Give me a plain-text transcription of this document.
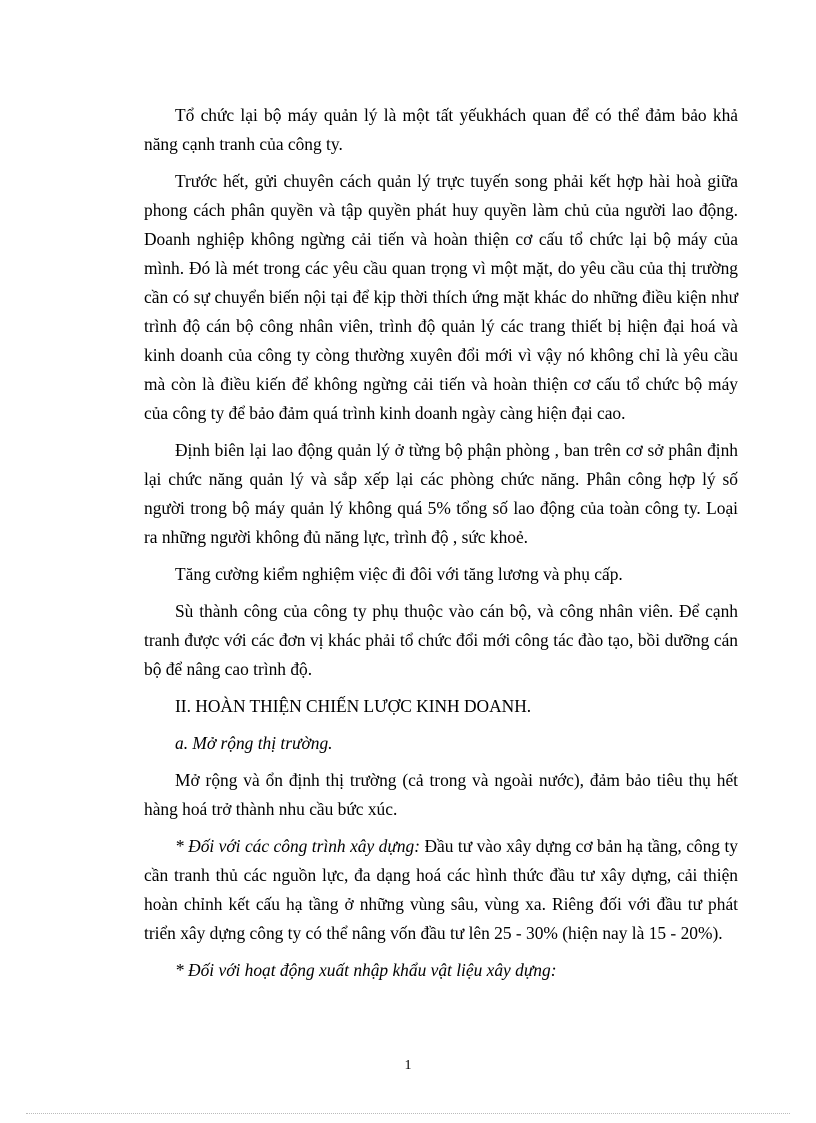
Tổ chức lại bộ máy quản lý là một tất yếukhách quan để có thể đảm bảo khả năng cạnh tranh của công ty.

Trước hết, gửi chuyên cách quản lý trực tuyến song phải kết hợp hài hoà giữa phong cách phân quyền và tập quyền phát huy quyền làm chủ của người lao động. Doanh nghiệp không ngừng cải tiến và hoàn thiện cơ cấu tổ chức lại bộ máy của mình. Đó là mét trong các yêu cầu quan trọng vì một mặt, do yêu cầu của thị trường cần có sự chuyển biến nội tại để kịp thời thích ứng mặt khác do những điều kiện như trình độ cán bộ công nhân viên, trình độ quản lý các trang thiết bị hiện đại hoá và kinh doanh của công ty còng thường xuyên đổi mới vì vậy nó không chỉ là yêu cầu mà còn là điều kiến để không ngừng cải tiến và hoàn thiện cơ cấu tổ chức bộ máy của công ty để bảo đảm quá trình kinh doanh ngày càng hiện đại cao.

Định biên lại lao động quản lý ở từng bộ phận phòng , ban trên cơ sở phân định lại chức năng quản lý và sắp xếp lại các phòng chức năng. Phân công hợp lý số người trong bộ máy quản lý không quá 5% tổng số lao động của toàn công ty. Loại ra những người không đủ năng lực, trình độ , sức khoẻ.

Tăng cường kiểm nghiệm việc đi đôi với tăng lương và phụ cấp.

Sù thành công của công ty phụ thuộc vào cán bộ, và công nhân viên. Để cạnh tranh được với các đơn vị khác phải tổ chức đổi mới công tác đào tạo, bồi dưỡng cán bộ để nâng cao trình độ.

II. HOÀN THIỆN CHIẾN LƯỢC KINH DOANH.

a. Mở rộng thị trường.

Mở rộng và ổn định thị trường (cả trong và ngoài nước), đảm bảo tiêu thụ hết hàng hoá trở thành nhu cầu bức xúc.

* Đối với các công trình xây dựng: Đầu tư vào xây dựng cơ bản hạ tầng, công ty cần tranh thủ các nguồn lực, đa dạng hoá các hình thức đầu tư xây dựng, cải thiện hoàn chỉnh kết cấu hạ tầng ở những vùng sâu, vùng xa. Riêng đối với đầu tư phát triển xây dựng công ty có thể nâng vốn đầu tư lên 25 - 30% (hiện nay là 15 - 20%).

* Đối với hoạt động xuất nhập khẩu vật liệu xây dựng:

1
